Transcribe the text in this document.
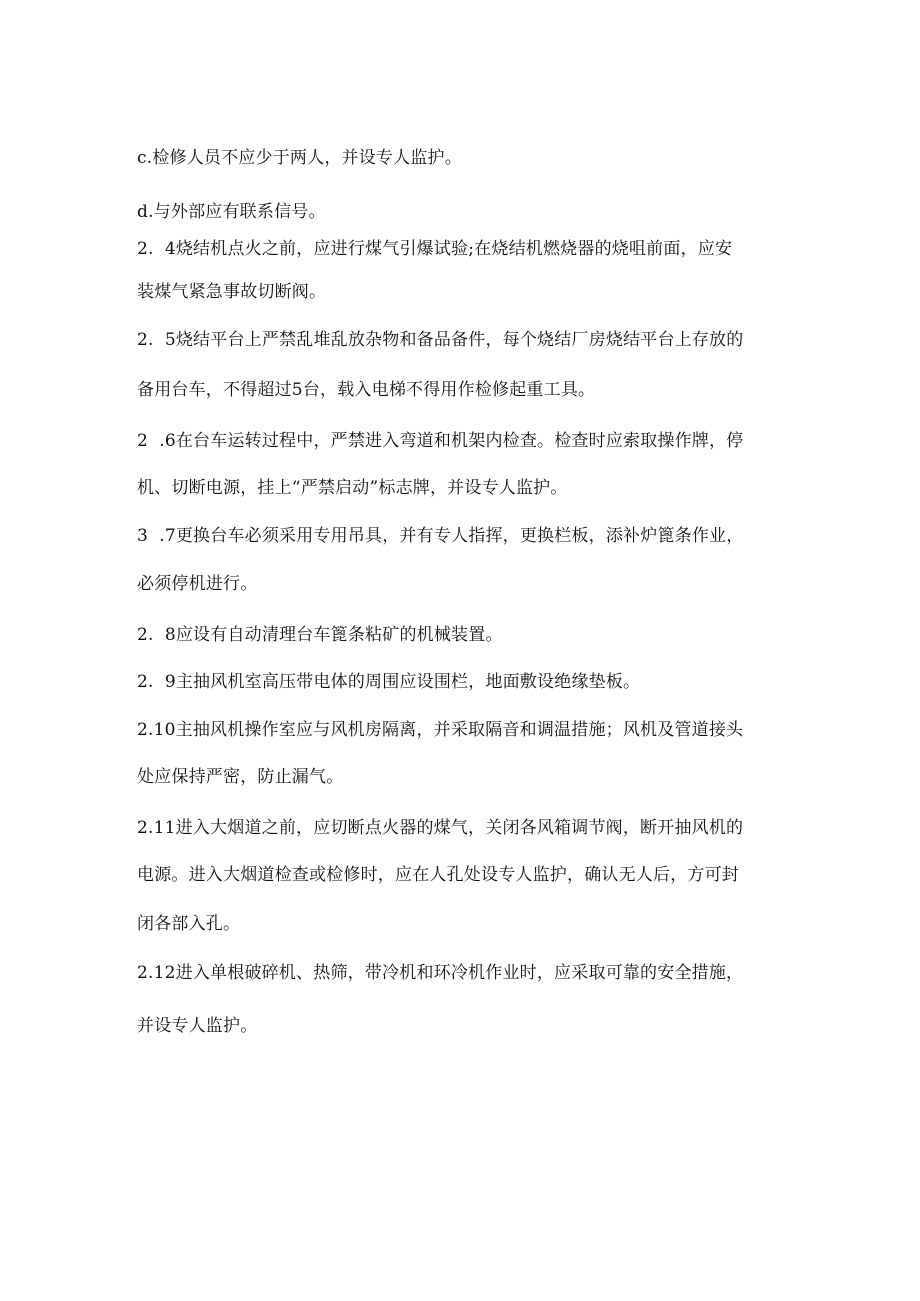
c.检修人员不应少于两人，并设专人监护。
d.与外部应有联系信号。
2.  4烧结机点火之前，应进行煤气引爆试验;在烧结机燃烧器的烧咀前面，应安
装煤气紧急事故切断阀。
2.  5烧结平台上严禁乱堆乱放杂物和备品备件，每个烧结厂房烧结平台上存放的
备用台车，不得超过5台，载入电梯不得用作检修起重工具。
2  .6在台车运转过程中，严禁进入弯道和机架内检查。检查时应索取操作牌，停
机、切断电源，挂上“严禁启动”标志牌，并设专人监护。
3  .7更换台车必须采用专用吊具，并有专人指挥，更换栏板，添补炉篦条作业，
必须停机进行。
2.  8应设有自动清理台车篦条粘矿的机械装置。
2.  9主抽风机室高压带电体的周围应设围栏，地面敷设绝缘垫板。
2.10主抽风机操作室应与风机房隔离，并采取隔音和调温措施；风机及管道接头
处应保持严密，防止漏气。
2.11进入大烟道之前，应切断点火器的煤气，关闭各风箱调节阀，断开抽风机的
电源。进入大烟道检查或检修时，应在人孔处设专人监护，确认无人后，方可封
闭各部入孔。
2.12进入单根破碎机、热筛，带冷机和环冷机作业时，应采取可靠的安全措施，
并设专人监护。
